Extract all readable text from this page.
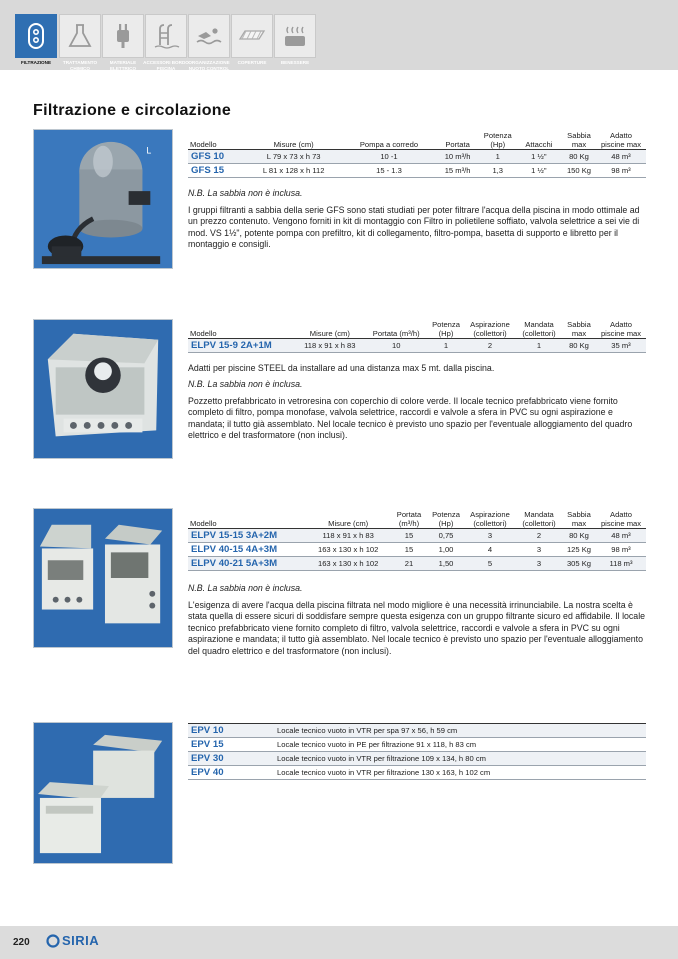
FILTRAZIONE	TRATTAMENTO CHIMICO
MATERIALE ELETTRICO
ACCESSORI BORDO PISCINA
ORGANIZZAZIONE NUOTO CONTROL
COPERTURE	BENESSERE
Filtrazione e circolazione
L
Modello	Misure (cm)	Pompa a corredo	Portata	Potenza (Hp)	Attacchi	Sabbia max	Adatto piscine max
GFS 10	L 79 x 73 x h 73	10 -1	10 m³/h	1	1 ½"	80 Kg	48 m³
GFS 15	L 81 x 128 x h 112	15 - 1.3	15 m³/h	1,3	1 ½"	150 Kg	98 m³
N.B. La sabbia non è inclusa.
I gruppi filtranti a sabbia della serie GFS sono stati studiati per poter filtrare l'acqua della piscina in modo ottimale ad un prezzo contenuto. Vengono forniti in kit di montaggio con Filtro in polietilene soffiato, valvola selettrice a sei vie di mod. VS 1½", potente pompa con prefiltro, kit di collegamento, filtro-pompa, basetta di supporto e libretto per il montaggio e consigli.
Modello	Misure (cm)	Portata (m³/h)	Potenza (Hp)	Aspirazione (collettori)	Mandata (collettori)	Sabbia max	Adatto piscine max
ELPV 15-9 2A+1M	118 x 91 x h 83	10	1	2	1	80 Kg	35 m³
Adatti per piscine STEEL da installare ad una distanza max 5 mt. dalla piscina.
N.B. La sabbia non è inclusa.
Pozzetto prefabbricato in vetroresina con coperchio di colore verde. Il locale tecnico prefabbricato viene fornito completo di filtro, pompa monofase, valvola selettrice, raccordi e valvole a sfera in PVC su ogni aspirazione e mandata; il tutto già assemblato. Nel locale tecnico è previsto uno spazio per l'eventuale alloggiamento del quadro elettrico e del trasformatore (non inclusi).
Modello	Misure (cm)	Portata (m³/h)	Potenza (Hp)	Aspirazione (collettori)	Mandata (collettori)	Sabbia max	Adatto piscine max
ELPV 15-15 3A+2M	118 x 91 x h 83	15	0,75	3	2	80 Kg	48 m³
ELPV 40-15 4A+3M	163 x 130 x h 102	15	1,00	4	3	125 Kg	98 m³
ELPV 40-21 5A+3M	163 x 130 x h 102	21	1,50	5	3	305 Kg	118 m³
N.B. La sabbia non è inclusa.
L'esigenza di avere l'acqua della piscina filtrata nel modo migliore è una necessità irrinunciabile. La nostra scelta è stata quella di essere sicuri di soddisfare sempre questa esigenza con un gruppo filtrante sicuro ed affidabile. Il locale tecnico prefabbricato viene fornito completo di filtro, valvola selettrice, raccordi e valvole a sfera in PVC su ogni aspirazione e mandata; il tutto già assemblato. Nel locale tecnico è previsto uno spazio per l'eventuale alloggiamento del quadro elettrico e del trasformatore (non inclusi).
EPV 10	Locale tecnico vuoto in VTR per spa 97 x 56, h 59 cm
EPV 15	Locale tecnico vuoto in PE per filtrazione 91 x 118, h 83 cm
EPV 30	Locale tecnico vuoto in VTR per filtrazione 109 x 134, h 80 cm
EPV 40	Locale tecnico vuoto in VTR per filtrazione 130 x 163, h 102 cm
220 SIRIA
